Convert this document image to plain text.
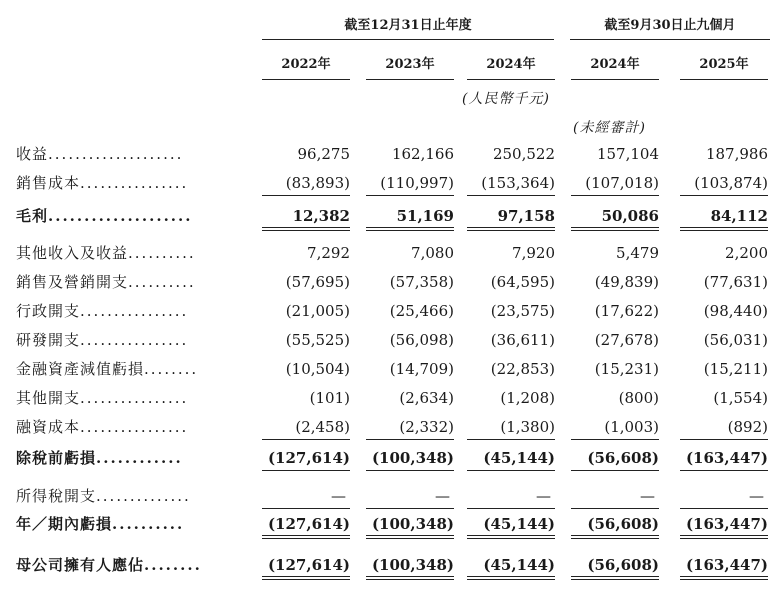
截至12月31日止年度	截至9月30日止九個月
2022年	2023年	2024年	2024年	2025年
(人民幣千元)
(未經審計)
收益....................	96,275	162,166	250,522	157,104	187,986
銷售成本................	(83,893)	(110,997)	(153,364)	(107,018)	(103,874)
毛利....................	12,382	51,169	97,158	50,086	84,112
其他收入及收益..........	7,292	7,080	7,920	5,479	2,200
銷售及營銷開支..........	(57,695)	(57,358)	(64,595)	(49,839)	(77,631)
行政開支................	(21,005)	(25,466)	(23,575)	(17,622)	(98,440)
研發開支................	(55,525)	(56,098)	(36,611)	(27,678)	(56,031)
金融資產減值虧損........	(10,504)	(14,709)	(22,853)	(15,231)	(15,211)
其他開支................	(101)	(2,634)	(1,208)	(800)	(1,554)
融資成本................	(2,458)	(2,332)	(1,380)	(1,003)	(892)
除稅前虧損............	(127,614)	(100,348)	(45,144)	(56,608)	(163,447)
所得稅開支..............	—	—	—	—	—
年／期內虧損..........	(127,614)	(100,348)	(45,144)	(56,608)	(163,447)
母公司擁有人應佔........	(127,614)	(100,348)	(45,144)	(56,608)	(163,447)
